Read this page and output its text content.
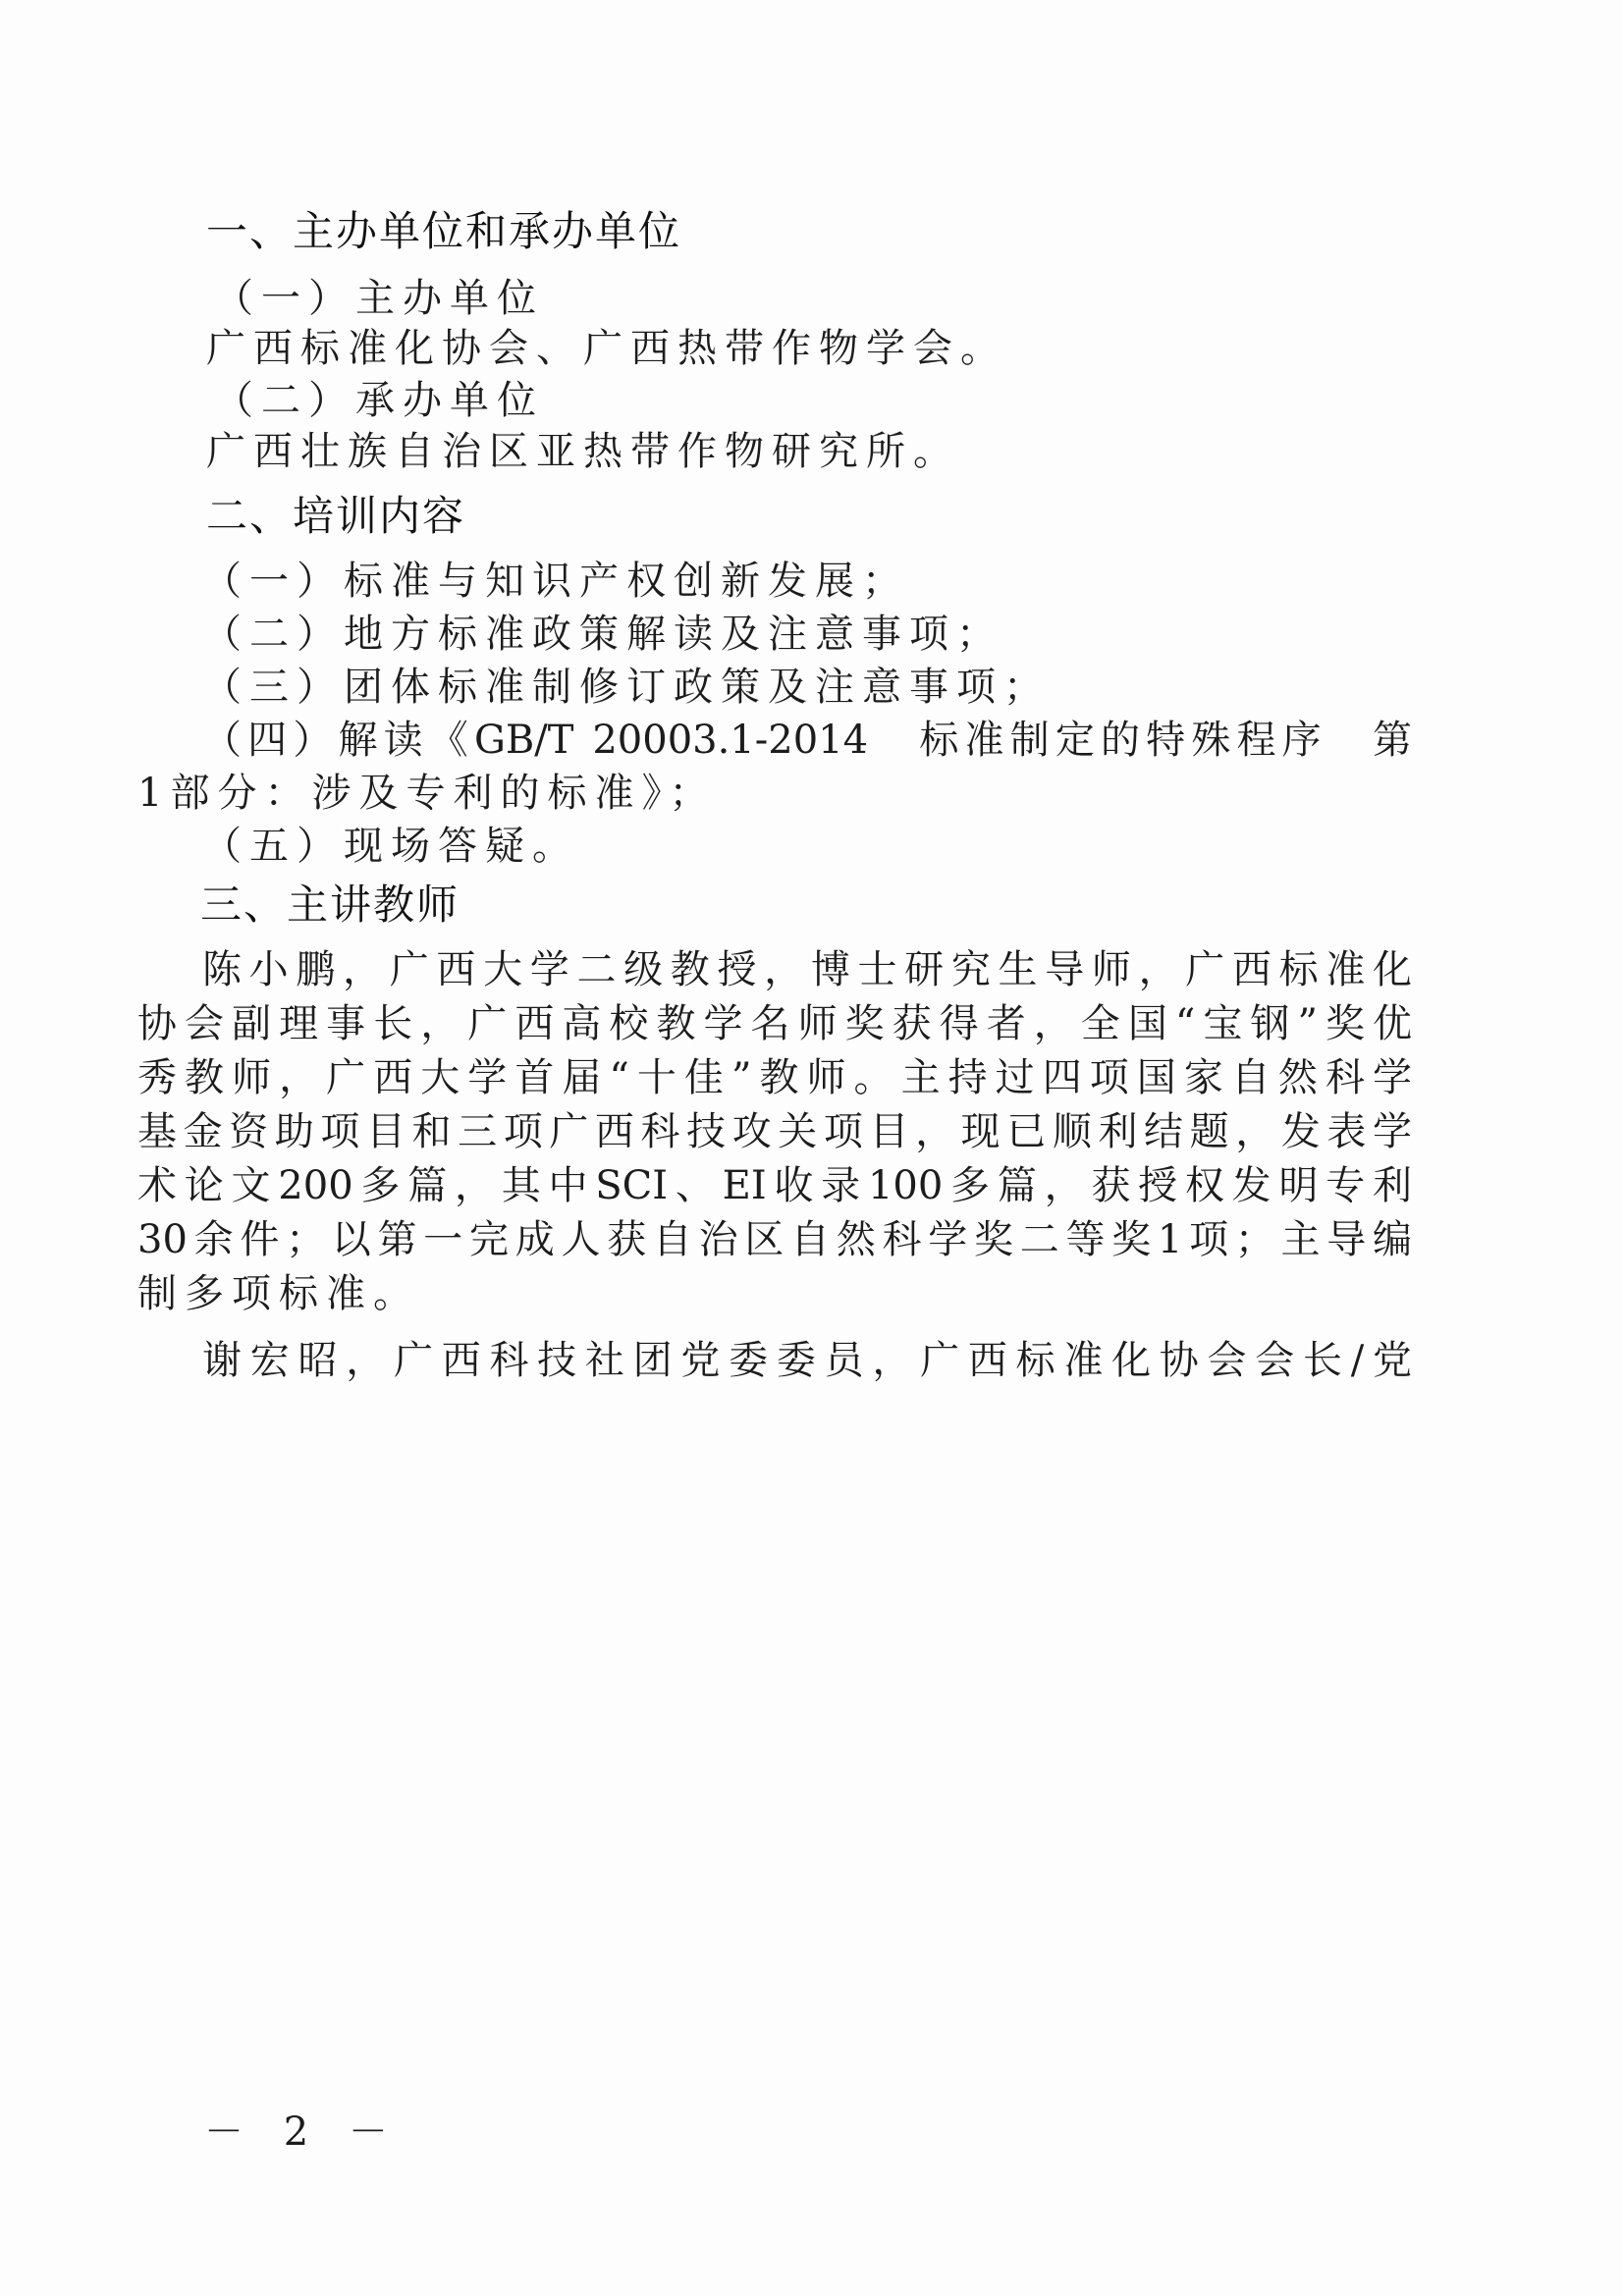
一、主办单位和承办单位
（一）主办单位
广西标准化协会、广西热带作物学会。
（二）承办单位
广西壮族自治区亚热带作物研究所。
二、培训内容
（一）标准与知识产权创新发展；
（二）地方标准政策解读及注意事项；
（三）团体标准制修订政策及注意事项；
（四）解读《GB/T 20003.1-2014　标准制定的特殊程序　第
1部分：涉及专利的标准》；
（五）现场答疑。
三、主讲教师
陈小鹏，广西大学二级教授，博士研究生导师，广西标准化
协会副理事长，广西高校教学名师奖获得者，全国“宝钢”奖优
秀教师，广西大学首届“十佳”教师。主持过四项国家自然科学
基金资助项目和三项广西科技攻关项目，现已顺利结题，发表学
术论文200多篇，其中SCI、EI收录100多篇，获授权发明专利
30余件；以第一完成人获自治区自然科学奖二等奖1项；主导编
制多项标准。
谢宏昭，广西科技社团党委委员，广西标准化协会会长/党
－ 2 －
